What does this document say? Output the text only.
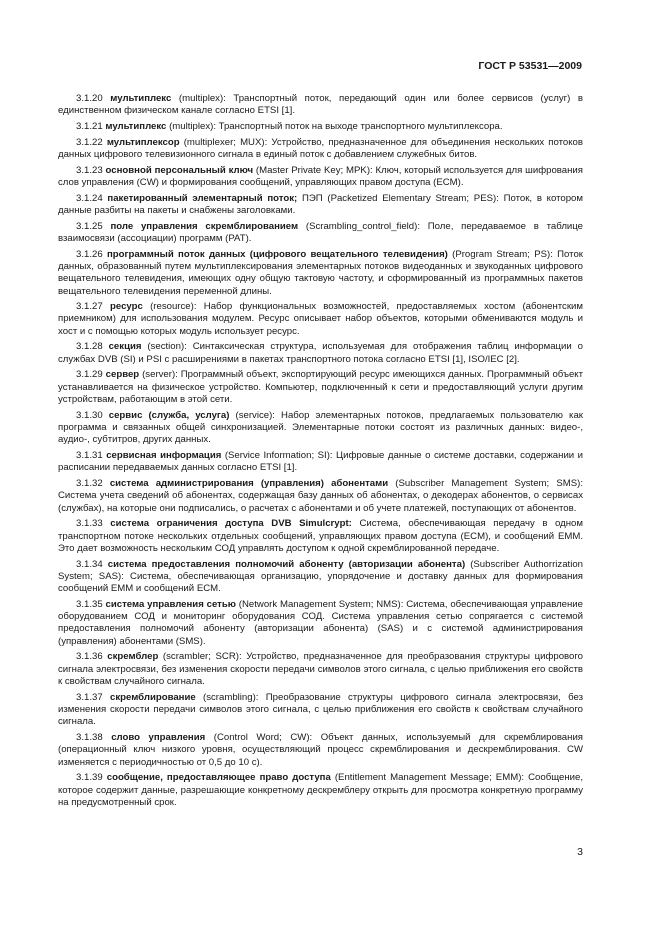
ГОСТ Р 53531—2009

3.1.20 мультиплекс (multiplex): Транспортный поток, передающий один или более сервисов (услуг) в единственном физическом канале согласно ETSI [1].

3.1.21 мультиплекс (multiplex): Транспортный поток на выходе транспортного мультиплексора.

3.1.22 мультиплексор (multiplexer; MUX): Устройство, предназначенное для объединения нескольких потоков данных цифрового телевизионного сигнала в единый поток с добавлением служебных битов.

3.1.23 основной персональный ключ (Master Private Key; MPK): Ключ, который используется для шифрования слов управления (CW) и формирования сообщений, управляющих правом доступа (ECM).

3.1.24 пакетированный элементарный поток; ПЭП (Packetized Elementary Stream; PES): Поток, в котором данные разбиты на пакеты и снабжены заголовками.

3.1.25 поле управления скремблированием (Scrambling_control_field): Поле, передаваемое в таблице взаимосвязи (ассоциации) программ (PAT).

3.1.26 программный поток данных (цифрового вещательного телевидения) (Program Stream; PS): Поток данных, образованный путем мультиплексирования элементарных потоков видеоданных и звукоданных цифрового вещательного телевидения, имеющих одну общую тактовую частоту, и сформированный из программных пакетов вещательного телевидения переменной длины.

3.1.27 ресурс (resource): Набор функциональных возможностей, предоставляемых хостом (абонентским приемником) для использования модулем. Ресурс описывает набор объектов, которыми обмениваются модуль и хост и с помощью которых модуль использует ресурс.

3.1.28 секция (section): Синтаксическая структура, используемая для отображения таблиц информации о службах DVB (SI) и PSI с расширениями в пакетах транспортного потока согласно ETSI [1], ISO/IEC [2].

3.1.29 сервер (server): Программный объект, экспортирующий ресурс имеющихся данных. Программный объект устанавливается на физическое устройство. Компьютер, подключенный к сети и предоставляющий услуги другим устройствам, работающим в этой сети.

3.1.30 сервис (служба, услуга) (service): Набор элементарных потоков, предлагаемых пользователю как программа и связанных общей синхронизацией. Элементарные потоки состоят из различных данных: видео-, аудио-, субтитров, других данных.

3.1.31 сервисная информация (Service Information; SI): Цифровые данные о системе доставки, содержании и расписании передаваемых данных согласно ETSI [1].

3.1.32 система администрирования (управления) абонентами (Subscriber Management System; SMS): Система учета сведений об абонентах, содержащая базу данных об абонентах, о декодерах абонентов, о сервисах (службах), на которые они подписались, о расчетах с абонентами и об учете платежей, поступающих от абонентов.

3.1.33 система ограничения доступа DVB Simulcrypt: Система, обеспечивающая передачу в одном транспортном потоке нескольких отдельных сообщений, управляющих правом доступа (ECM), и сообщений EMM. Это дает возможность нескольким СОД управлять доступом к одной скремблированной передаче.

3.1.34 система предоставления полномочий абоненту (авторизации абонента) (Subscriber Authorrization System; SAS): Система, обеспечивающая организацию, упорядочение и доставку данных для формирования сообщений EMM и сообщений ECM.

3.1.35 система управления сетью (Network Management System; NMS): Система, обеспечивающая управление оборудованием СОД и мониторинг оборудования СОД. Система управления сетью сопрягается с системой предоставления полномочий абоненту (авторизации абонента) (SAS) и с системой администрирования (управления) абонентами (SMS).

3.1.36 скремблер (scrambler; SCR): Устройство, предназначенное для преобразования структуры цифрового сигнала электросвязи, без изменения скорости передачи символов этого сигнала, с целью приближения его свойств к свойствам случайного сигнала.

3.1.37 скремблирование (scrambling): Преобразование структуры цифрового сигнала электросвязи, без изменения скорости передачи символов этого сигнала, с целью приближения его свойств к свойствам случайного сигнала.

3.1.38 слово управления (Control Word; CW): Объект данных, используемый для скремблирования (операционный ключ низкого уровня, осуществляющий процесс скремблирования и дескремблирования. CW изменяется с периодичностью от 0,5 до 10 с).

3.1.39 сообщение, предоставляющее право доступа (Entitlement Management Message; EMM): Сообщение, которое содержит данные, разрешающие конкретному дескремблеру открыть для просмотра конкретную программу на предусмотренный срок.

3
